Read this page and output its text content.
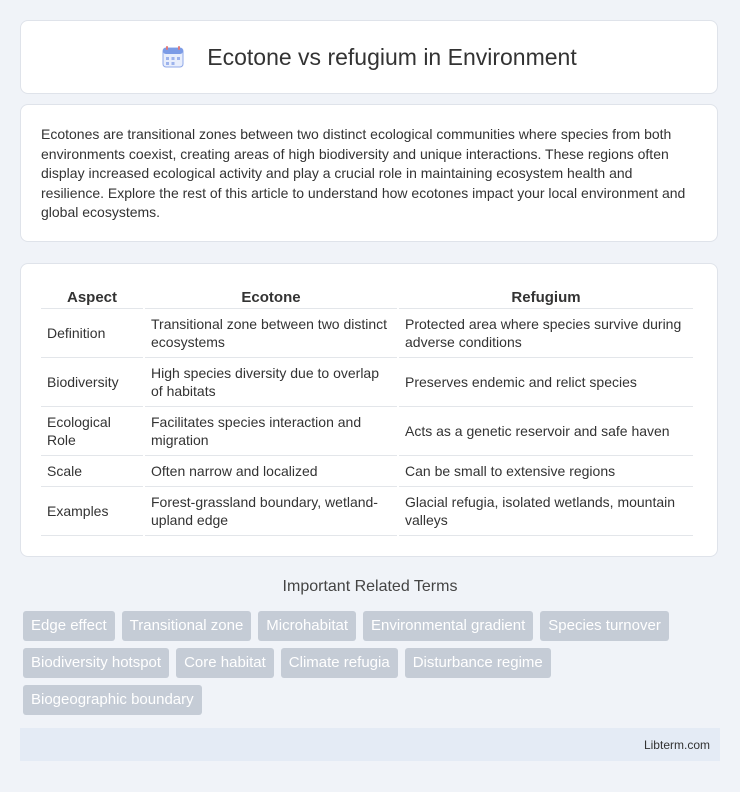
Ecotone vs refugium in Environment

Ecotones are transitional zones between two distinct ecological communities where species from both environments coexist, creating areas of high biodiversity and unique interactions. These regions often display increased ecological activity and play a crucial role in maintaining ecosystem health and resilience. Explore the rest of this article to understand how ecotones impact your local environment and global ecosystems.

Aspect	Ecotone	Refugium
Definition	Transitional zone between two distinct ecosystems	Protected area where species survive during adverse conditions
Biodiversity	High species diversity due to overlap of habitats	Preserves endemic and relict species
Ecological Role	Facilitates species interaction and migration	Acts as a genetic reservoir and safe haven
Scale	Often narrow and localized	Can be small to extensive regions
Examples	Forest-grassland boundary, wetland-upland edge	Glacial refugia, isolated wetlands, mountain valleys
Important Related Terms
Edge effect	Transitional zone	Microhabitat	Environmental gradient	Species turnover
Biodiversity hotspot	Core habitat	Climate refugia	Disturbance regime
Biogeographic boundary
Libterm.com
